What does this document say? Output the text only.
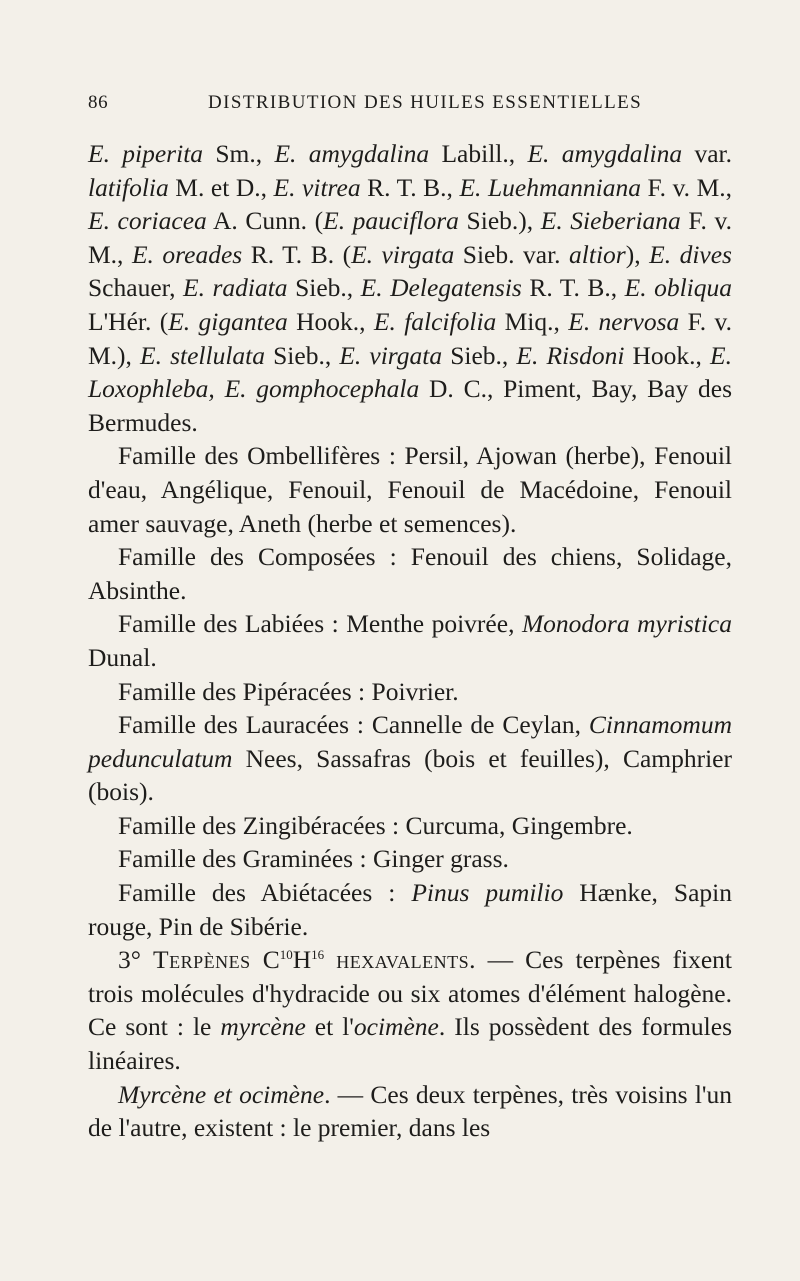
86	DISTRIBUTION DES HUILES ESSENTIELLES

E. piperita Sm., E. amygdalina Labill., E. amygdalina var. latifolia M. et D., E. vitrea R. T. B., E. Luehmanniana F. v. M., E. coriacea A. Cunn. (E. pauciflora Sieb.), E. Sieberiana F. v. M., E. oreades R. T. B. (E. virgata Sieb. var. altior), E. dives Schauer, E. radiata Sieb., E. Delegatensis R. T. B., E. obliqua L'Hér. (E. gigantea Hook., E. falcifolia Miq., E. nervosa F. v. M.), E. stellulata Sieb., E. virgata Sieb., E. Risdoni Hook., E. Loxophleba, E. gomphocephala D. C., Piment, Bay, Bay des Bermudes.

Famille des Ombellifères : Persil, Ajowan (herbe), Fenouil d'eau, Angélique, Fenouil, Fenouil de Macédoine, Fenouil amer sauvage, Aneth (herbe et semences).

Famille des Composées : Fenouil des chiens, Solidage, Absinthe.

Famille des Labiées : Menthe poivrée, Monodora myristica Dunal.

Famille des Pipéracées : Poivrier.

Famille des Lauracées : Cannelle de Ceylan, Cinnamomum pedunculatum Nees, Sassafras (bois et feuilles), Camphrier (bois).

Famille des Zingibéracées : Curcuma, Gingembre.

Famille des Graminées : Ginger grass.

Famille des Abiétacées : Pinus pumilio Hænke, Sapin rouge, Pin de Sibérie.

3° Terpènes $C^{10}H^{16}$ hexavalents. — Ces terpènes fixent trois molécules d'hydracide ou six atomes d'élément halogène. Ce sont : le myrcène et l'ocimène. Ils possèdent des formules linéaires.

Myrcène et ocimène. — Ces deux terpènes, très voisins l'un de l'autre, existent : le premier, dans les
